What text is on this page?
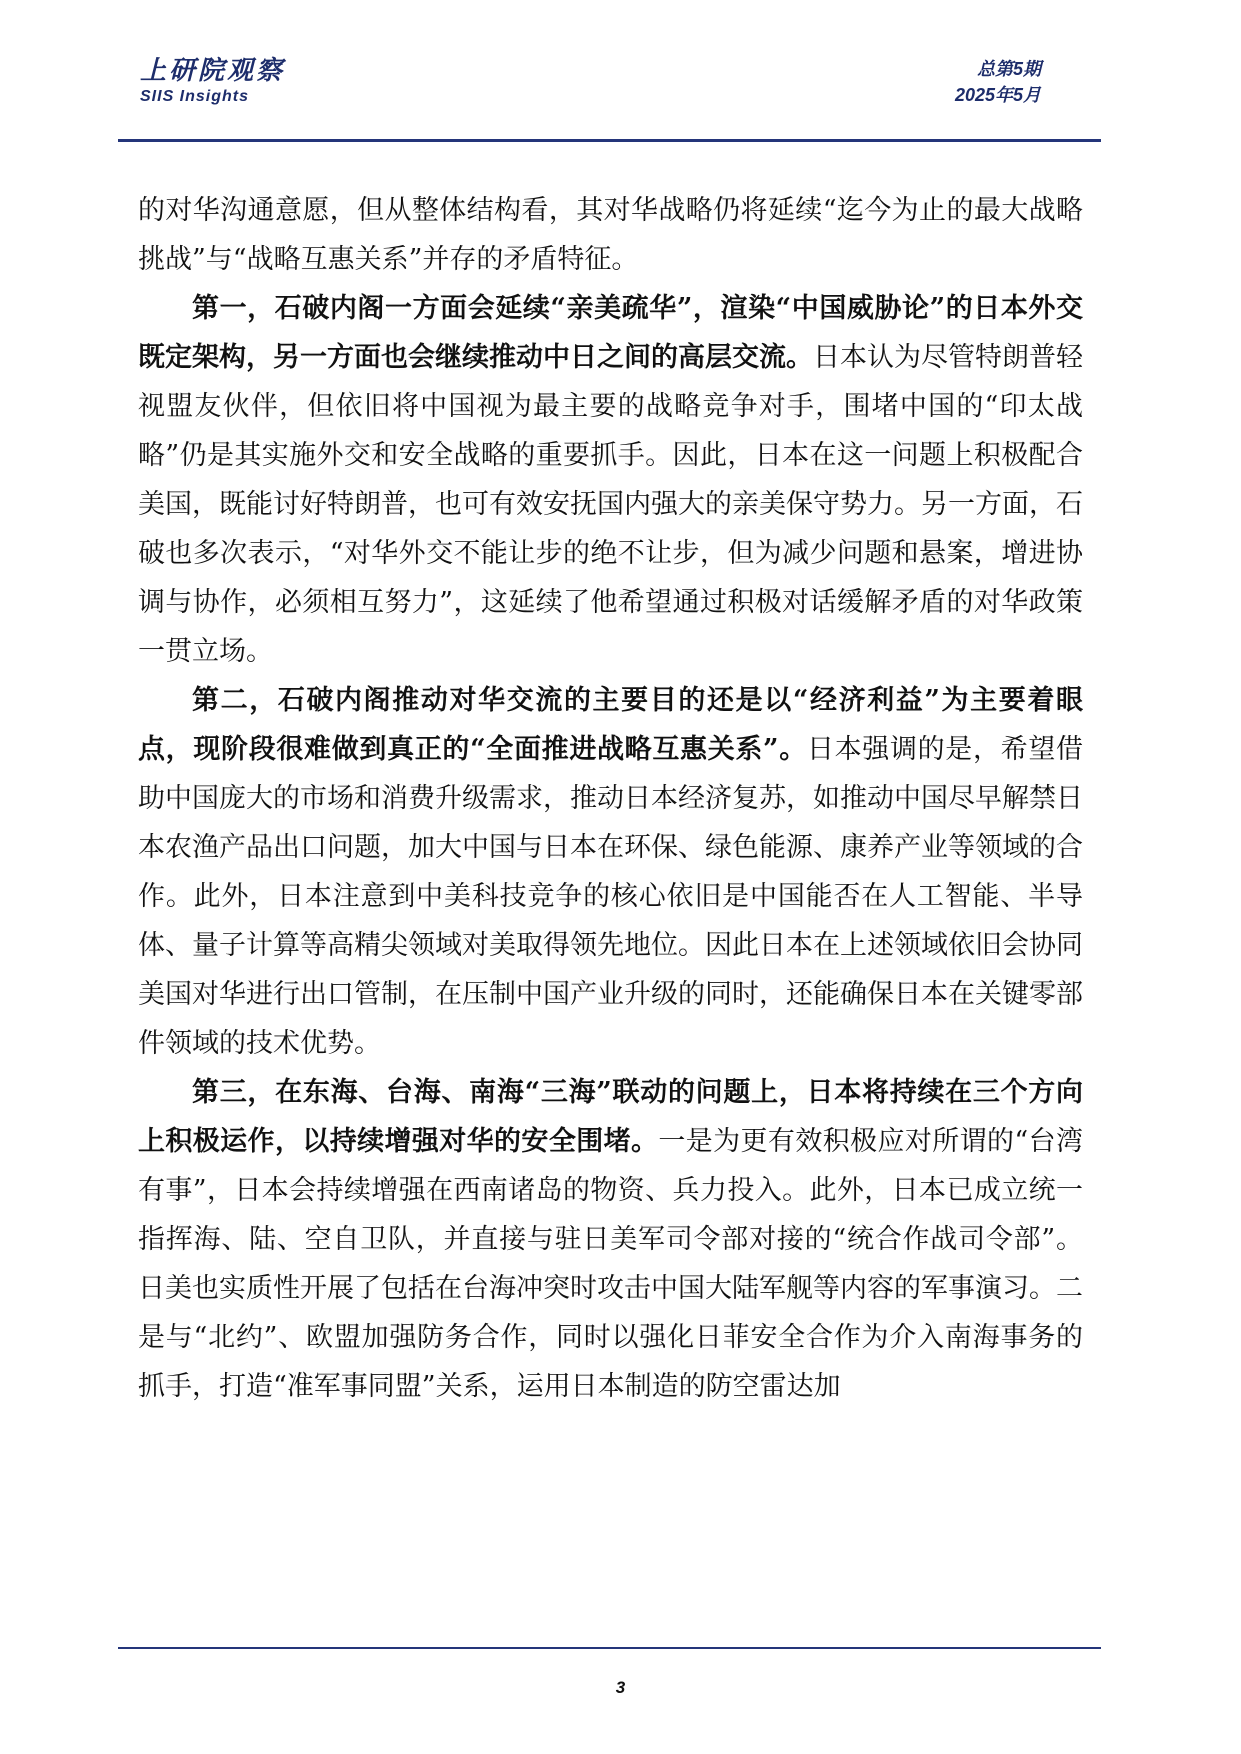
上研院观察
SIIS Insights
总第5期
2025年5月

的对华沟通意愿，但从整体结构看，其对华战略仍将延续“迄今为止的最大战略挑战”与“战略互惠关系”并存的矛盾特征。

第一，石破内阁一方面会延续“亲美疏华”，渲染“中国威胁论”的日本外交既定架构，另一方面也会继续推动中日之间的高层交流。日本认为尽管特朗普轻视盟友伙伴，但依旧将中国视为最主要的战略竞争对手，围堵中国的“印太战略”仍是其实施外交和安全战略的重要抓手。因此，日本在这一问题上积极配合美国，既能讨好特朗普，也可有效安抚国内强大的亲美保守势力。另一方面，石破也多次表示，“对华外交不能让步的绝不让步，但为减少问题和悬案，增进协调与协作，必须相互努力”，这延续了他希望通过积极对话缓解矛盾的对华政策一贯立场。

第二，石破内阁推动对华交流的主要目的还是以“经济利益”为主要着眼点，现阶段很难做到真正的“全面推进战略互惠关系”。日本强调的是，希望借助中国庞大的市场和消费升级需求，推动日本经济复苏，如推动中国尽早解禁日本农渔产品出口问题，加大中国与日本在环保、绿色能源、康养产业等领域的合作。此外，日本注意到中美科技竞争的核心依旧是中国能否在人工智能、半导体、量子计算等高精尖领域对美取得领先地位。因此日本在上述领域依旧会协同美国对华进行出口管制，在压制中国产业升级的同时，还能确保日本在关键零部件领域的技术优势。

第三，在东海、台海、南海“三海”联动的问题上，日本将持续在三个方向上积极运作，以持续增强对华的安全围堵。一是为更有效积极应对所谓的“台湾有事”，日本会持续增强在西南诸岛的物资、兵力投入。此外，日本已成立统一指挥海、陆、空自卫队，并直接与驻日美军司令部对接的“统合作战司令部”。日美也实质性开展了包括在台海冲突时攻击中国大陆军舰等内容的军事演习。二是与“北约”、欧盟加强防务合作，同时以强化日菲安全合作为介入南海事务的抓手，打造“准军事同盟”关系，运用日本制造的防空雷达加

3
